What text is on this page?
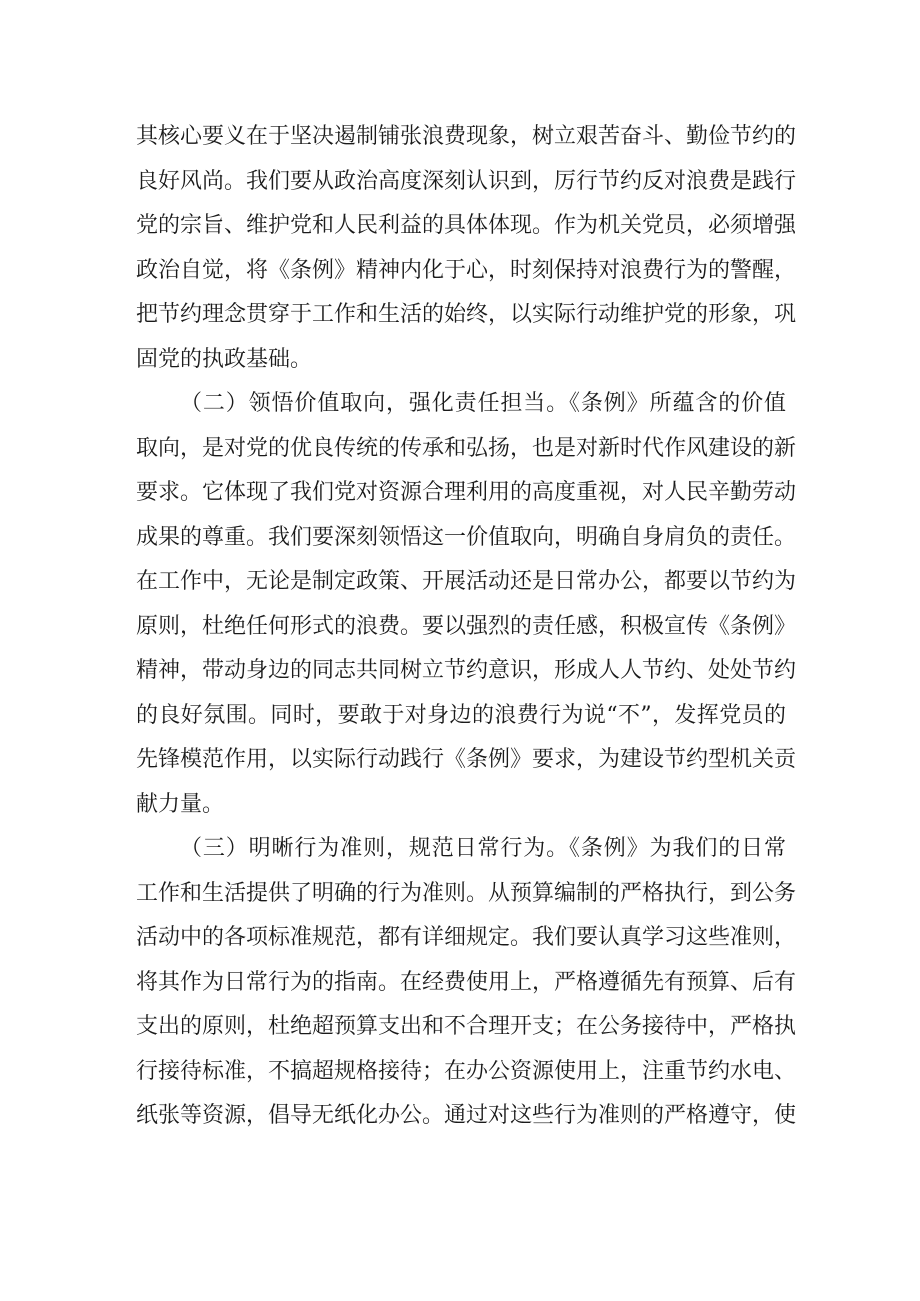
其核心要义在于坚决遏制铺张浪费现象，树立艰苦奋斗、勤俭节约的
良好风尚。我们要从政治高度深刻认识到，厉行节约反对浪费是践行
党的宗旨、维护党和人民利益的具体体现。作为机关党员，必须增强
政治自觉，将《条例》精神内化于心，时刻保持对浪费行为的警醒，
把节约理念贯穿于工作和生活的始终，以实际行动维护党的形象，巩
固党的执政基础。
（二）领悟价值取向，强化责任担当。《条例》所蕴含的价值
取向，是对党的优良传统的传承和弘扬，也是对新时代作风建设的新
要求。它体现了我们党对资源合理利用的高度重视，对人民辛勤劳动
成果的尊重。我们要深刻领悟这一价值取向，明确自身肩负的责任。
在工作中，无论是制定政策、开展活动还是日常办公，都要以节约为
原则，杜绝任何形式的浪费。要以强烈的责任感，积极宣传《条例》
精神，带动身边的同志共同树立节约意识，形成人人节约、处处节约
的良好氛围。同时，要敢于对身边的浪费行为说“不”，发挥党员的
先锋模范作用，以实际行动践行《条例》要求，为建设节约型机关贡
献力量。
（三）明晰行为准则，规范日常行为。《条例》为我们的日常
工作和生活提供了明确的行为准则。从预算编制的严格执行，到公务
活动中的各项标准规范，都有详细规定。我们要认真学习这些准则，
将其作为日常行为的指南。在经费使用上，严格遵循先有预算、后有
支出的原则，杜绝超预算支出和不合理开支；在公务接待中，严格执
行接待标准，不搞超规格接待；在办公资源使用上，注重节约水电、
纸张等资源，倡导无纸化办公。通过对这些行为准则的严格遵守，使
